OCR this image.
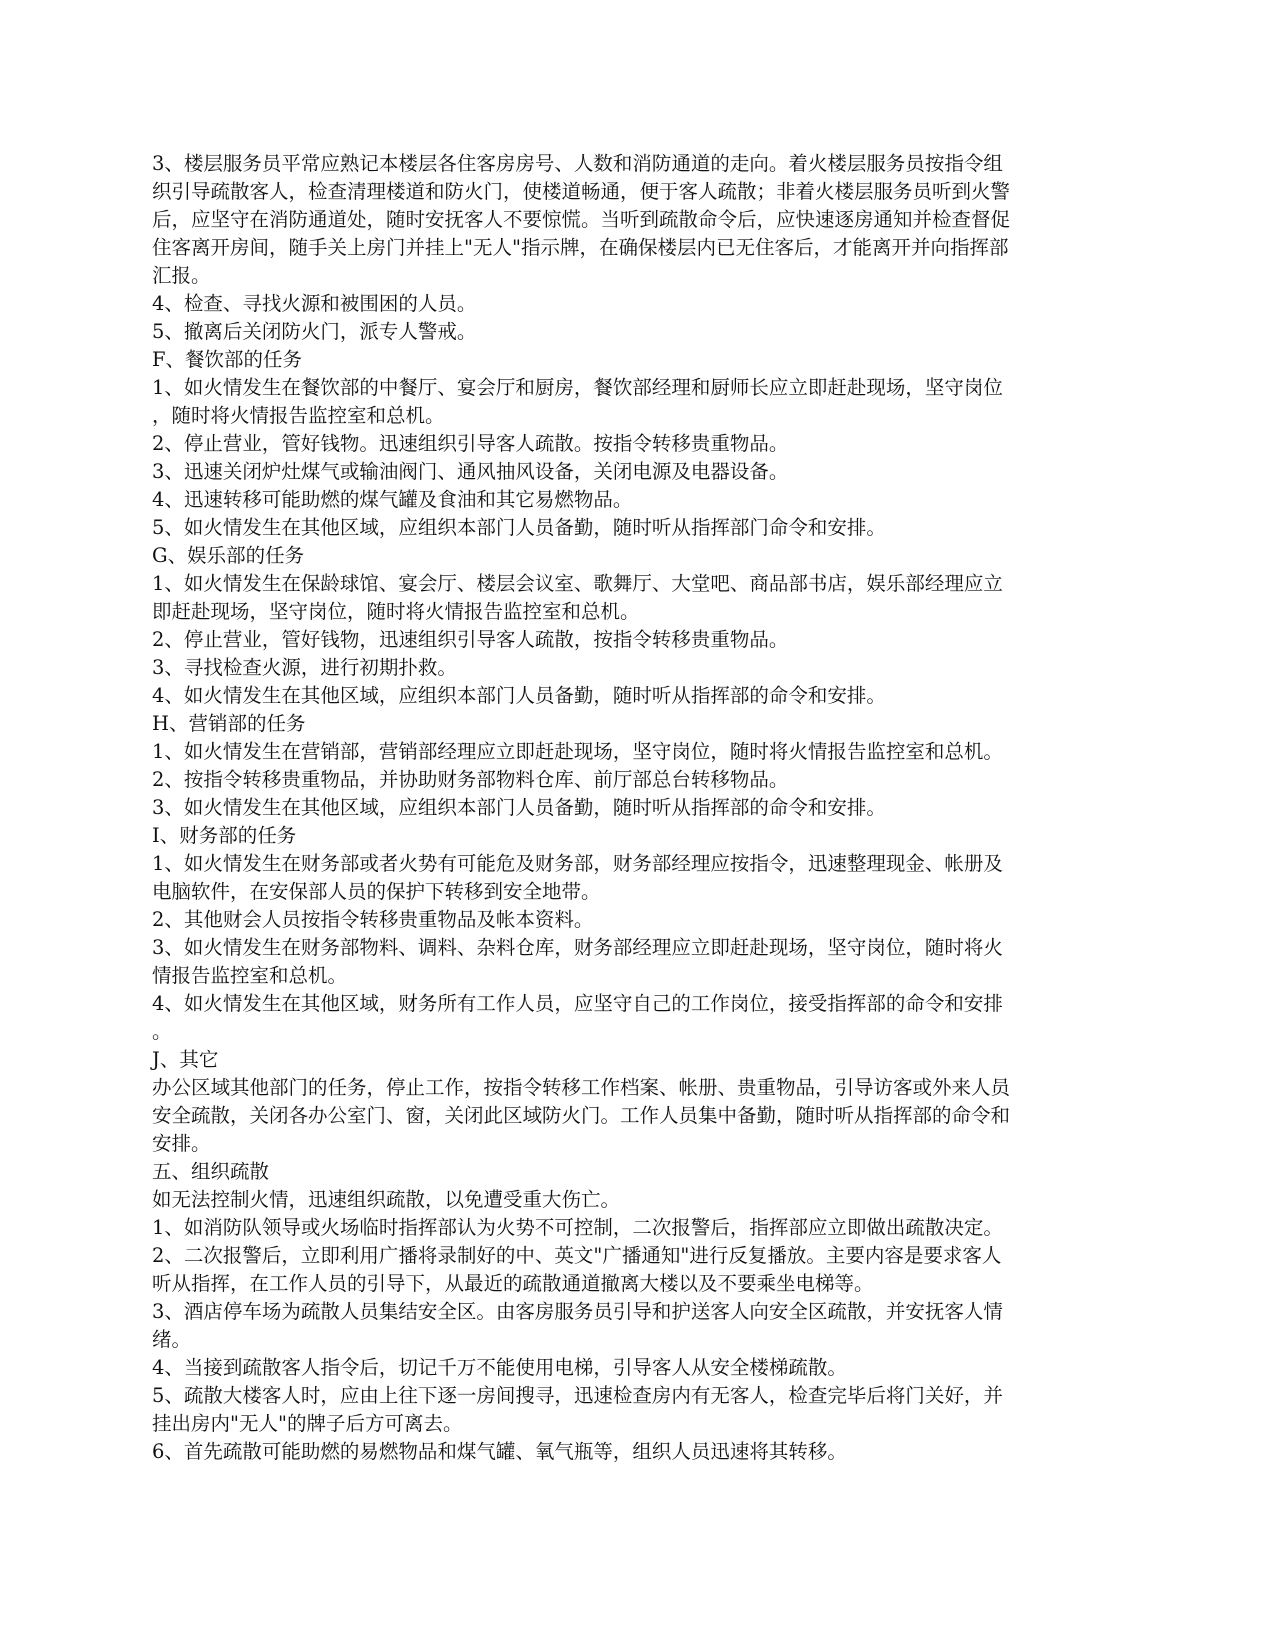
3、楼层服务员平常应熟记本楼层各住客房房号、人数和消防通道的走向。着火楼层服务员按指令组

织引导疏散客人，检查清理楼道和防火门，使楼道畅通，便于客人疏散；非着火楼层服务员听到火警

后，应坚守在消防通道处，随时安抚客人不要惊慌。当听到疏散命令后，应快速逐房通知并检查督促

住客离开房间，随手关上房门并挂上"无人"指示牌，在确保楼层内已无住客后，才能离开并向指挥部

汇报。

4、检查、寻找火源和被围困的人员。

5、撤离后关闭防火门，派专人警戒。

F、餐饮部的任务

1、如火情发生在餐饮部的中餐厅、宴会厅和厨房，餐饮部经理和厨师长应立即赶赴现场，坚守岗位

，随时将火情报告监控室和总机。

2、停止营业，管好钱物。迅速组织引导客人疏散。按指令转移贵重物品。

3、迅速关闭炉灶煤气或输油阀门、通风抽风设备，关闭电源及电器设备。

4、迅速转移可能助燃的煤气罐及食油和其它易燃物品。

5、如火情发生在其他区域，应组织本部门人员备勤，随时听从指挥部门命令和安排。

G、娱乐部的任务

1、如火情发生在保龄球馆、宴会厅、楼层会议室、歌舞厅、大堂吧、商品部书店，娱乐部经理应立

即赶赴现场，坚守岗位，随时将火情报告监控室和总机。

2、停止营业，管好钱物，迅速组织引导客人疏散，按指令转移贵重物品。

3、寻找检查火源，进行初期扑救。

4、如火情发生在其他区域，应组织本部门人员备勤，随时听从指挥部的命令和安排。

H、营销部的任务

1、如火情发生在营销部，营销部经理应立即赶赴现场，坚守岗位，随时将火情报告监控室和总机。

2、按指令转移贵重物品，并协助财务部物料仓库、前厅部总台转移物品。

3、如火情发生在其他区域，应组织本部门人员备勤，随时听从指挥部的命令和安排。

I、财务部的任务

1、如火情发生在财务部或者火势有可能危及财务部，财务部经理应按指令，迅速整理现金、帐册及

电脑软件，在安保部人员的保护下转移到安全地带。

2、其他财会人员按指令转移贵重物品及帐本资料。

3、如火情发生在财务部物料、调料、杂料仓库，财务部经理应立即赶赴现场，坚守岗位，随时将火

情报告监控室和总机。

4、如火情发生在其他区域，财务所有工作人员，应坚守自己的工作岗位，接受指挥部的命令和安排

。

J、其它

办公区域其他部门的任务，停止工作，按指令转移工作档案、帐册、贵重物品，引导访客或外来人员

安全疏散，关闭各办公室门、窗，关闭此区域防火门。工作人员集中备勤，随时听从指挥部的命令和

安排。

五、组织疏散

如无法控制火情，迅速组织疏散，以免遭受重大伤亡。

1、如消防队领导或火场临时指挥部认为火势不可控制，二次报警后，指挥部应立即做出疏散决定。

2、二次报警后，立即利用广播将录制好的中、英文"广播通知"进行反复播放。主要内容是要求客人

听从指挥，在工作人员的引导下，从最近的疏散通道撤离大楼以及不要乘坐电梯等。

3、酒店停车场为疏散人员集结安全区。由客房服务员引导和护送客人向安全区疏散，并安抚客人情

绪。

4、当接到疏散客人指令后，切记千万不能使用电梯，引导客人从安全楼梯疏散。

5、疏散大楼客人时，应由上往下逐一房间搜寻，迅速检查房内有无客人，检查完毕后将门关好，并

挂出房内"无人"的牌子后方可离去。

6、首先疏散可能助燃的易燃物品和煤气罐、氧气瓶等，组织人员迅速将其转移。
